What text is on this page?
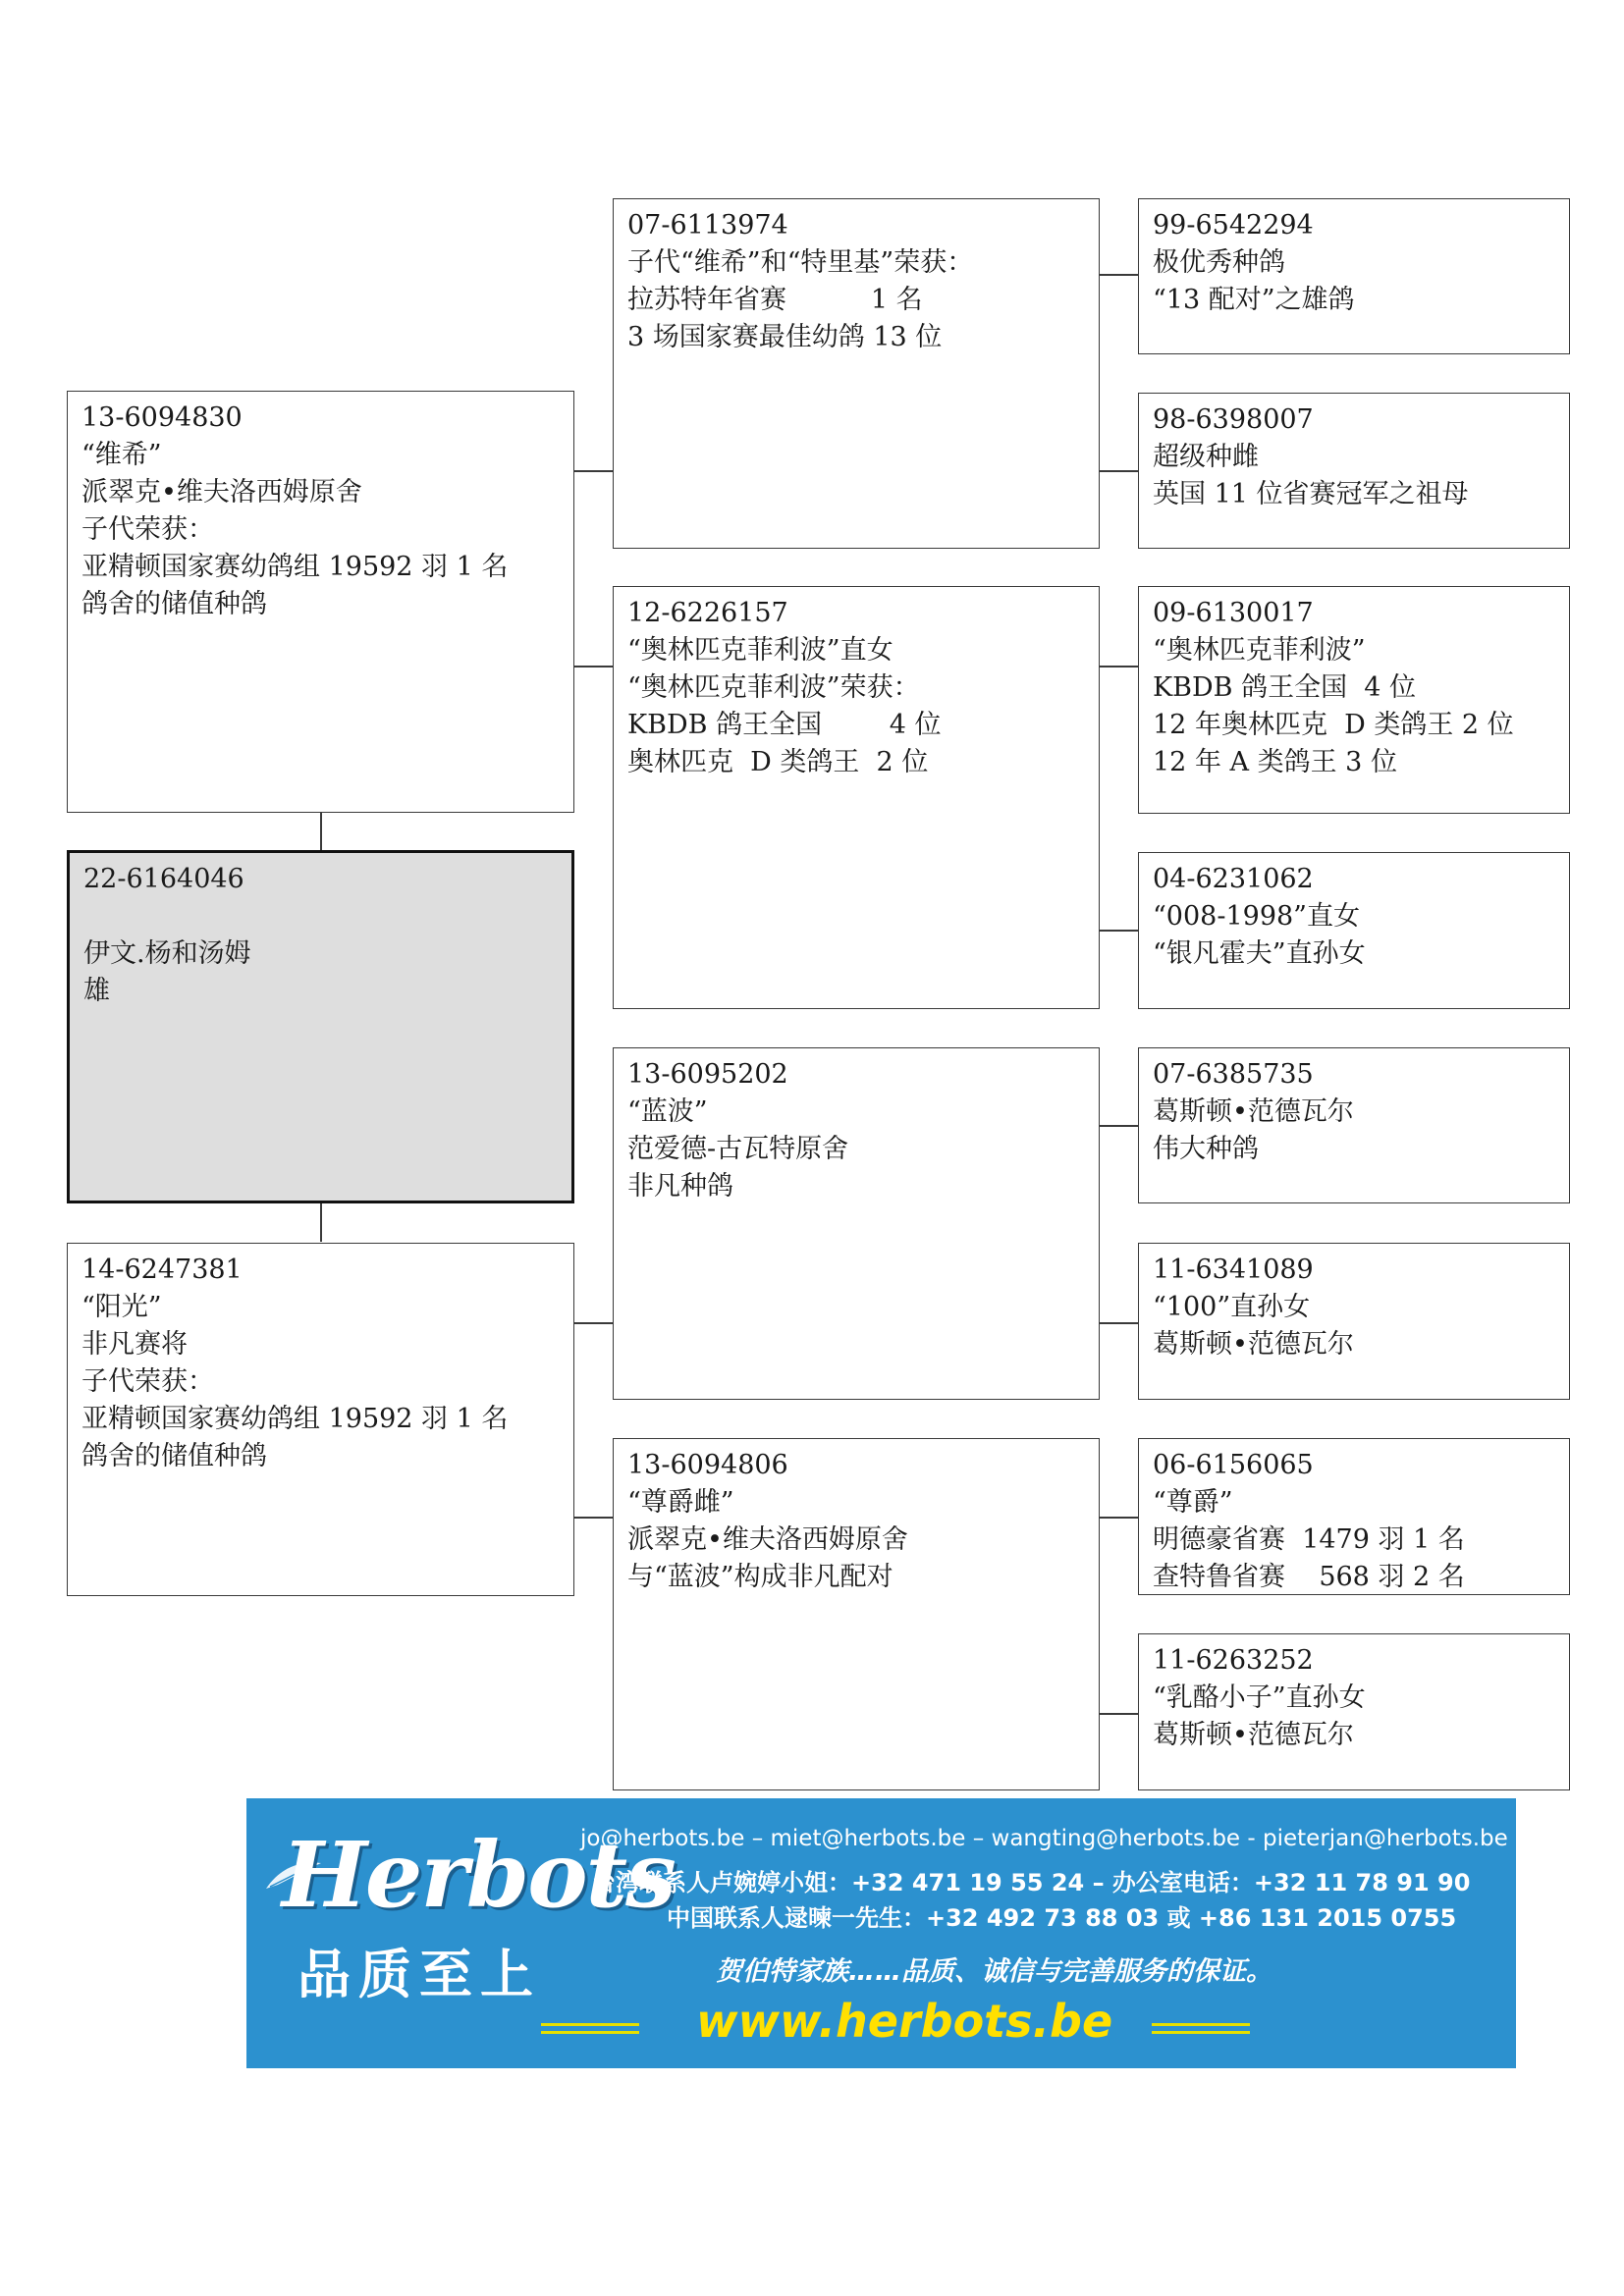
13-6094830
“维希”
派翠克•维夫洛西姆原舍
子代荣获：
亚精顿国家赛幼鸽组 19592 羽 1 名
鸽舍的储值种鸽
22-6164046

伊文.杨和汤姆
雄
14-6247381
“阳光”
非凡赛将
子代荣获：
亚精顿国家赛幼鸽组 19592 羽 1 名
鸽舍的储值种鸽
07-6113974
子代“维希”和“特里基”荣获：
拉苏特年省赛          1 名
3 场国家赛最佳幼鸽 13 位
12-6226157
“奥林匹克菲利波”直女
“奥林匹克菲利波”荣获：
KBDB 鸽王全国        4 位
奥林匹克  D 类鸽王  2 位
13-6095202
“蓝波”
范爱德-古瓦特原舍
非凡种鸽
13-6094806
“尊爵雌”
派翠克•维夫洛西姆原舍
与“蓝波”构成非凡配对
99-6542294
极优秀种鸽
“13 配对”之雄鸽
98-6398007
超级种雌
英国 11 位省赛冠军之祖母
09-6130017
“奥林匹克菲利波”
KBDB 鸽王全国  4 位
12 年奥林匹克  D 类鸽王 2 位
12 年 A 类鸽王 3 位
04-6231062
“008-1998”直女
“银凡霍夫”直孙女
07-6385735
葛斯顿•范德瓦尔
伟大种鸽
11-6341089
“100”直孙女
葛斯顿•范德瓦尔
06-6156065
“尊爵”
明德豪省赛  1479 羽 1 名
查特鲁省赛    568 羽 2 名
11-6263252
“乳酪小子”直孙女
葛斯顿•范德瓦尔
Herbots
品质至上
jo@herbots.be – miet@herbots.be – wangting@herbots.be - pieterjan@herbots.be
台湾联系人卢婉婷小姐：+32 471 19 55 24 – 办公室电话：+32 11 78 91 90
中国联系人逯暕一先生：+32 492 73 88 03 或 +86 131 2015 0755
贺伯特家族……品质、诚信与完善服务的保证。
www.herbots.be
